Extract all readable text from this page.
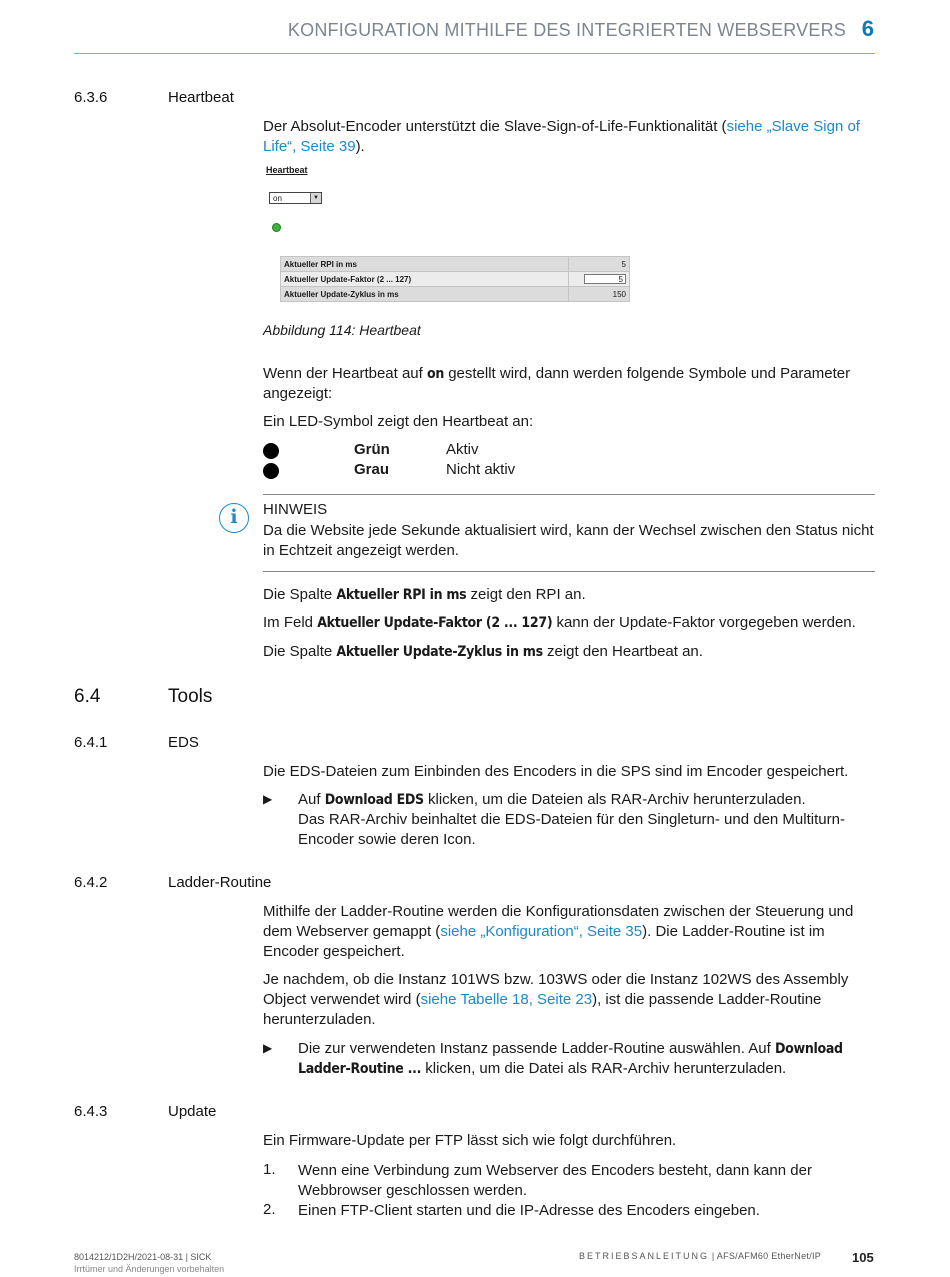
KONFIGURATION MITHILFE DES INTEGRIERTEN WEBSERVERS 6
6.3.6	Heartbeat
Der Absolut-Encoder unterstützt die Slave-Sign-of-Life-Funktionalität (siehe „Slave Sign of Life“, Seite 39).
Heartbeat
on	▼
Aktueller RPI in ms	5
Aktueller Update-Faktor (2 ... 127)	5
Aktueller Update-Zyklus in ms	150
Abbildung 114: Heartbeat
Wenn der Heartbeat auf on gestellt wird, dann werden folgende Symbole und Parameter angezeigt:
Ein LED-Symbol zeigt den Heartbeat an:
Grün	Aktiv
Grau	Nicht aktiv
i	HINWEIS
Da die Website jede Sekunde aktualisiert wird, kann der Wechsel zwischen den Status nicht in Echtzeit angezeigt werden.
Die Spalte Aktueller RPI in ms zeigt den RPI an.
Im Feld Aktueller Update-Faktor (2 ... 127) kann der Update-Faktor vorgegeben werden.
Die Spalte Aktueller Update-Zyklus in ms zeigt den Heartbeat an.
6.4	Tools
6.4.1	EDS
Die EDS-Dateien zum Einbinden des Encoders in die SPS sind im Encoder gespeichert.
▶ Auf Download EDS klicken, um die Dateien als RAR-Archiv herunterzuladen.
Das RAR-Archiv beinhaltet die EDS-Dateien für den Singleturn- und den Multiturn-Encoder sowie deren Icon.
6.4.2	Ladder-Routine
Mithilfe der Ladder-Routine werden die Konfigurationsdaten zwischen der Steuerung und dem Webserver gemappt (siehe „Konfiguration“, Seite 35). Die Ladder-Routine ist im Encoder gespeichert.
Je nachdem, ob die Instanz 101WS bzw. 103WS oder die Instanz 102WS des Assembly Object verwendet wird (siehe Tabelle 18, Seite 23), ist die passende Ladder-Routine herunterzuladen.
▶ Die zur verwendeten Instanz passende Ladder-Routine auswählen. Auf Download Ladder-Routine ... klicken, um die Datei als RAR-Archiv herunterzuladen.
6.4.3	Update
Ein Firmware-Update per FTP lässt sich wie folgt durchführen.
1. Wenn eine Verbindung zum Webserver des Encoders besteht, dann kann der Webbrowser geschlossen werden.
2. Einen FTP-Client starten und die IP-Adresse des Encoders eingeben.
8014212/1D2H/2021-08-31 | SICK
Irrtümer und Änderungen vorbehalten
BETRIEBSANLEITUNG | AFS/AFM60 EtherNet/IP 105
